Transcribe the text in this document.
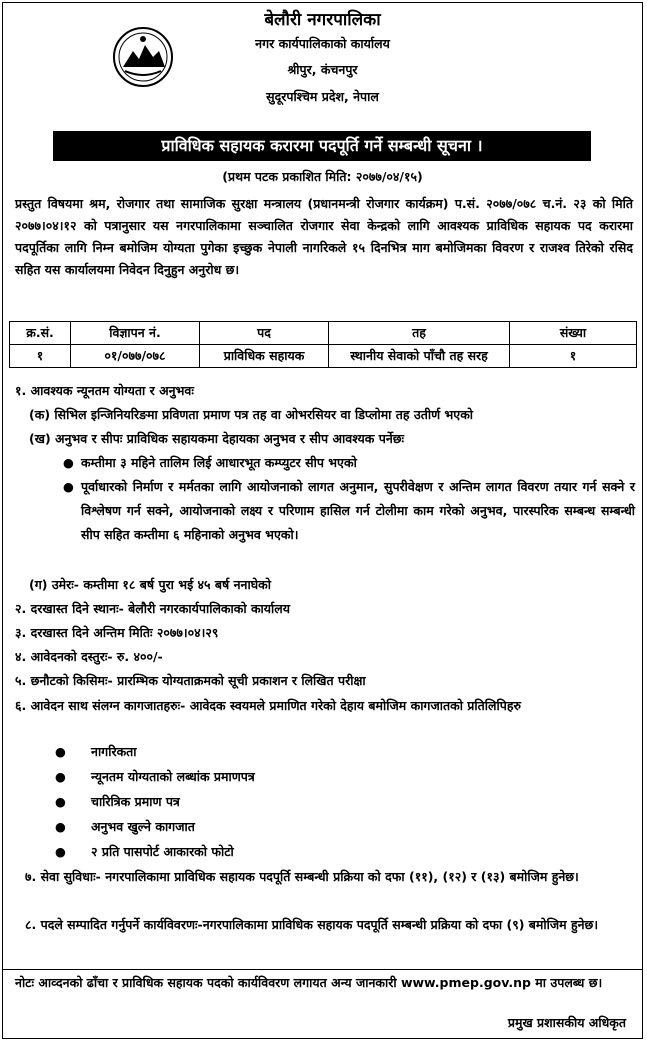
बेलौरी नगरपालिका
नगर कार्यपालिकाको कार्यालय
श्रीपुर, कंचनपुर
सुदूरपश्चिम प्रदेश, नेपाल
प्राविधिक सहायक करारमा पदपूर्ति गर्ने सम्बन्धी सूचना ।
(प्रथम पटक प्रकाशित मिति: २०७७/०४/१५)
प्रस्तुत विषयमा श्रम, रोजगार तथा सामाजिक सुरक्षा मन्त्रालय (प्रधानमन्त्री रोजगार कार्यक्रम) प.सं. २०७७/०७८ च.नं. २३ को मिति २०७७।०४।१२ को पत्रानुसार यस नगरपालिकामा सञ्चालित रोजगार सेवा केन्द्रको लागि आवश्यक प्राविधिक सहायक पद करारमा पदपूर्तिका लागि निम्न बमोजिम योग्यता पुगेका इच्छुक नेपाली नागरिकले १५ दिनभित्र माग बमोजिमका विवरण र राजश्व तिरेको रसिद सहित यस कार्यालयमा निवेदन दिनुहुन अनुरोध छ।
क्र.सं.	विज्ञापन नं.	पद	तह	संख्या
१	०१/०७७/०७८	प्राविधिक सहायक	स्थानीय सेवाको पाँचौ तह सरह	१
१. आवश्यक न्यूनतम योग्यता र अनुभवः
(क) सिभिल इन्जिनियरिङमा प्रविणता प्रमाण पत्र तह वा ओभरसियर वा डिप्लोमा तह उतीर्ण भएको
(ख) अनुभव र सीपः प्राविधिक सहायकमा देहायका अनुभव र सीप आवश्यक पर्नेछः
● कम्तीमा ३ महिने तालिम लिई आधारभूत कम्प्युटर सीप भएको
● पूर्वाधारको निर्माण र मर्मतका लागि आयोजनाको लागत अनुमान, सुपरीवेक्षण र अन्तिम लागत विवरण तयार गर्न सक्ने र विश्लेषण गर्न सक्ने, आयोजनाको लक्ष्य र परिणाम हासिल गर्न टोलीमा काम गरेको अनुभव, पारस्परिक सम्बन्ध सम्बन्धी सीप सहित कम्तीमा ६ महिनाको अनुभव भएको।
(ग) उमेरः- कम्तीमा १८ बर्ष पुरा भई ४५ बर्ष ननाघेको
२. दरखास्त दिने स्थानः- बेलौरी नगरकार्यपालिकाको कार्यालय
३. दरखास्त दिने अन्तिम मितिः २०७७।०४।२९
४. आवेदनको दस्तुरः- रु. ४००/-
५. छनौटको किसिमः- प्रारम्भिक योग्यताक्रमको सूची प्रकाशन र लिखित परीक्षा
६. आवेदन साथ संलग्न कागजातहरुः- आवेदक स्वयमले प्रमाणित गरेको देहाय बमोजिम कागजातको प्रतिलिपिहरु
● नागरिकता
● न्यूनतम योग्यताको लब्धांक प्रमाणपत्र
● चारित्रिक प्रमाण पत्र
● अनुभव खुल्ने कागजात
● २ प्रति पासपोर्ट आकारको फोटो
७. सेवा सुविधाः- नगरपालिकामा प्राविधिक सहायक पदपूर्ति सम्बन्धी प्रक्रिया को दफा (११), (१२) र (१३) बमोजिम हुनेछ।
८. पदले सम्पादित गर्नुपर्ने कार्यविवरणः-नगरपालिकामा प्राविधिक सहायक पदपूर्ति सम्बन्धी प्रक्रिया को दफा (९) बमोजिम हुनेछ।
नोटः आव्दनको ढाँचा र प्राविधिक सहायक पदको कार्यविवरण लगायत अन्य जानकारी www.pmep.gov.np मा उपलब्ध छ।
प्रमुख प्रशासकीय अधिकृत
